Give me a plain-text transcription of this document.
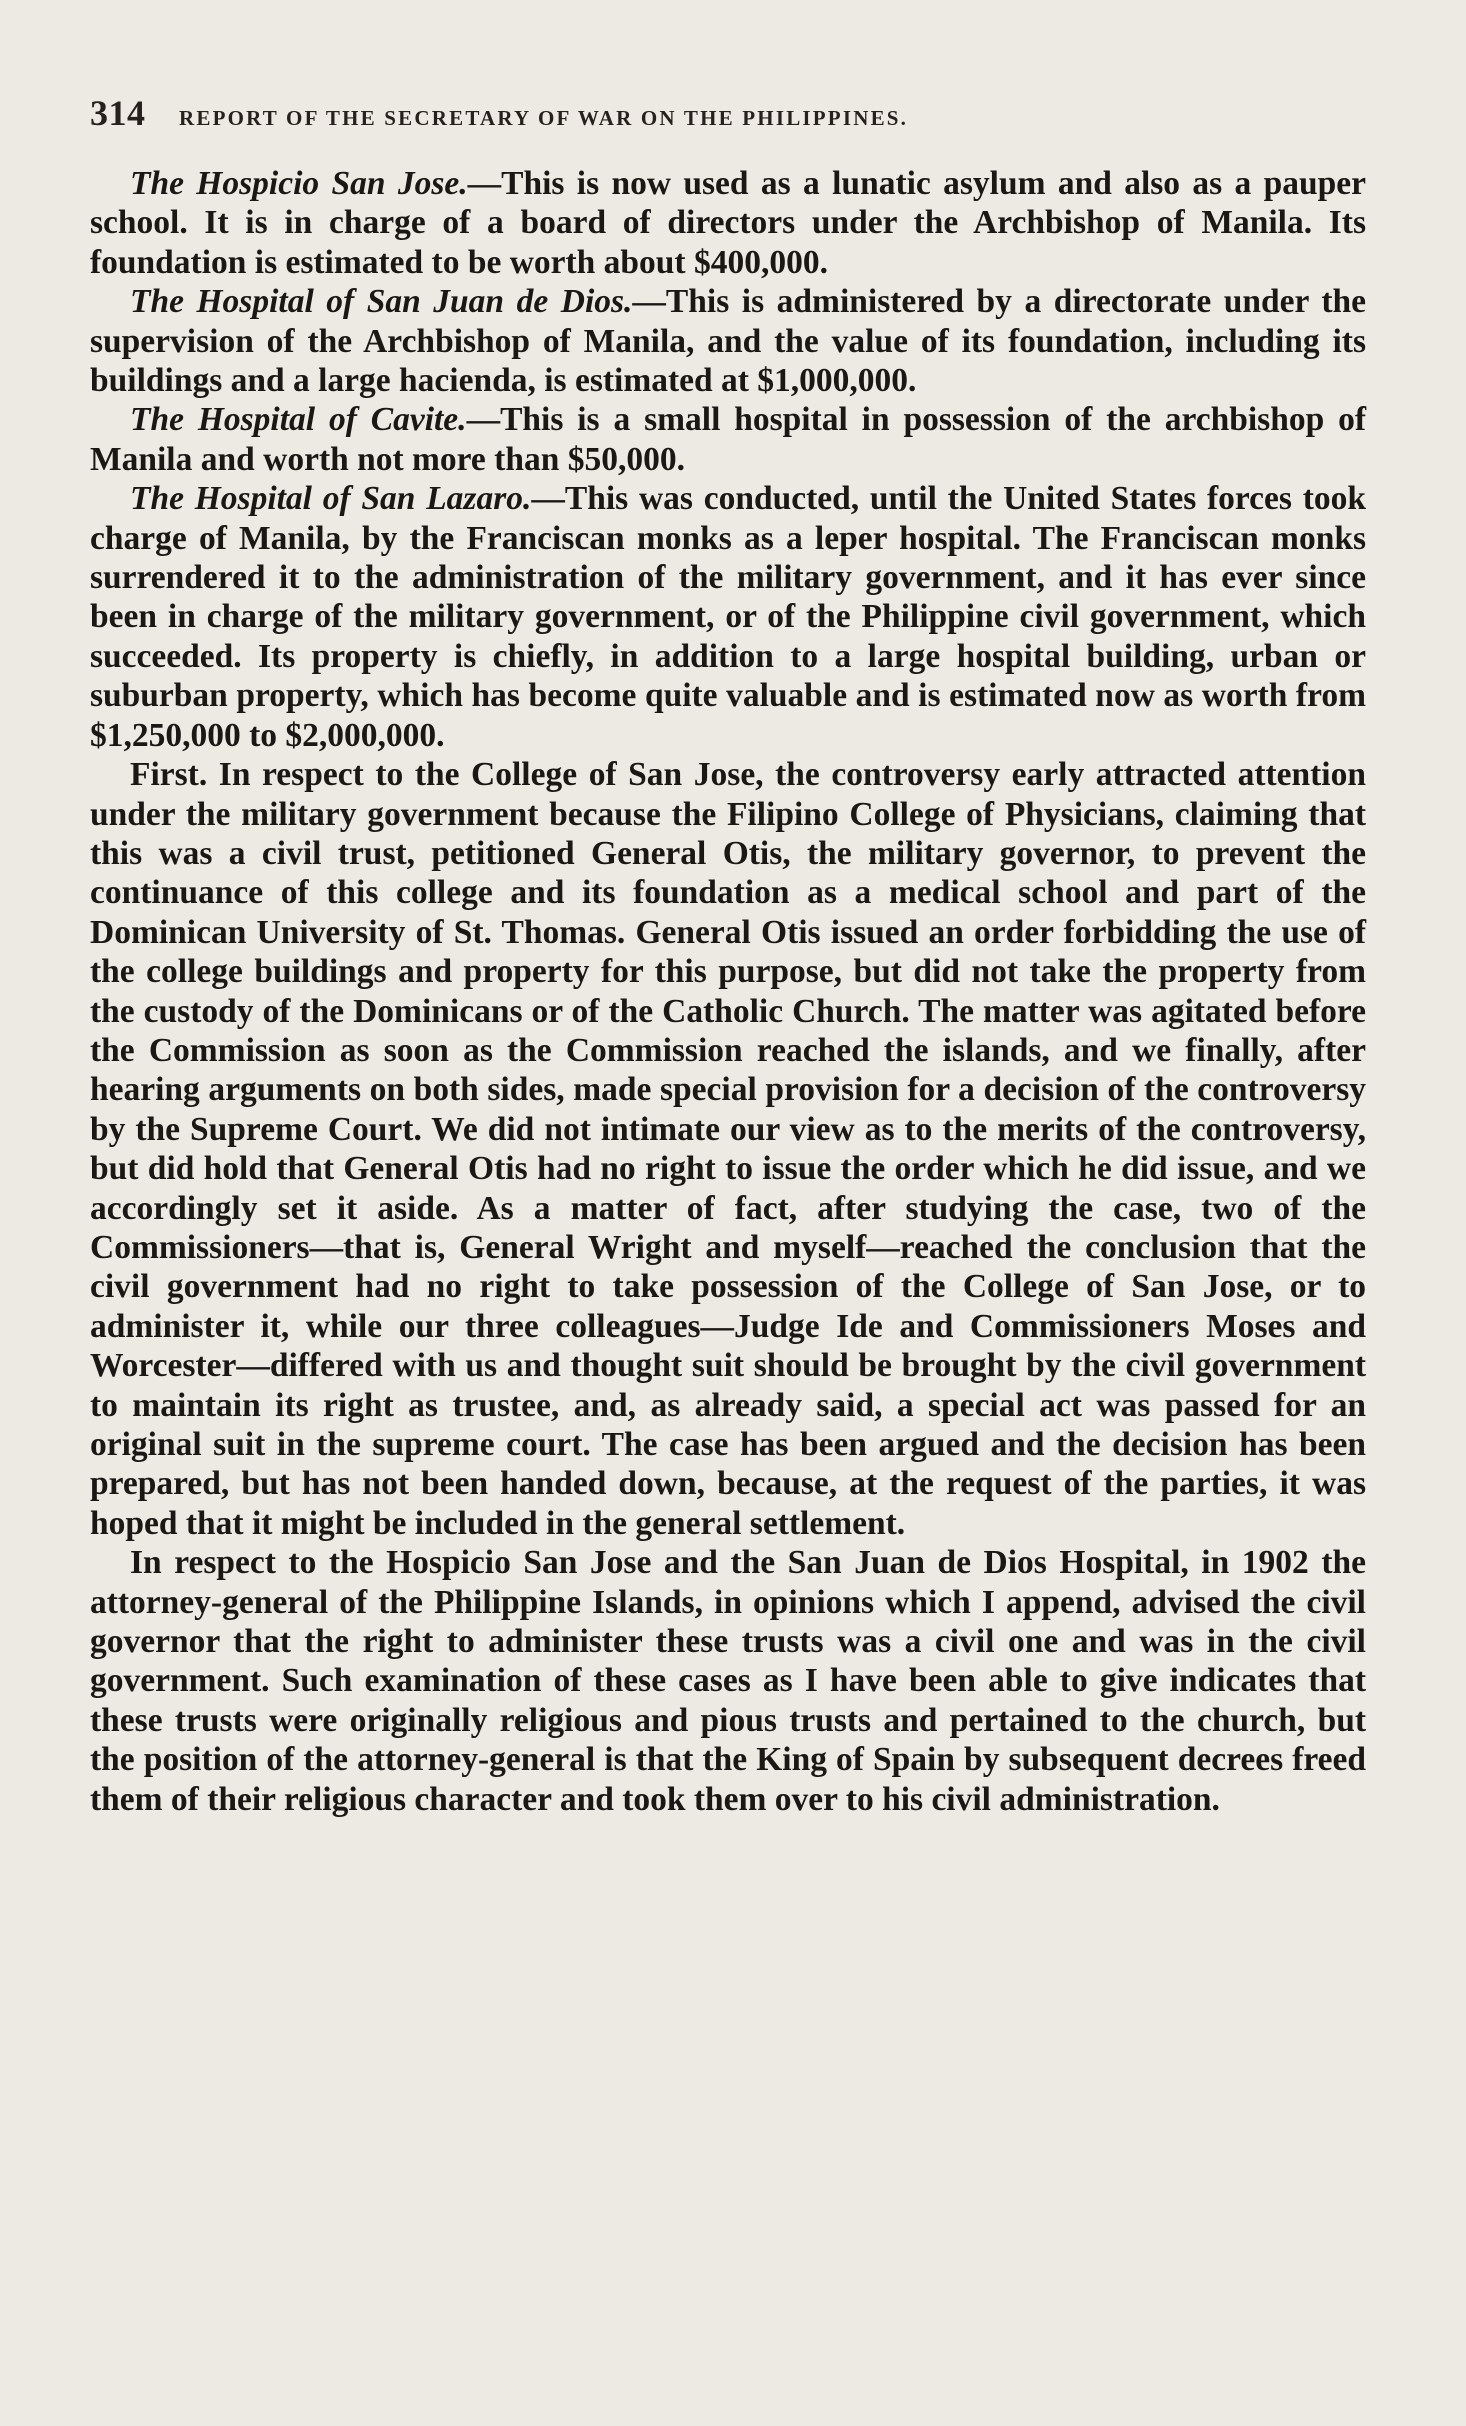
314 REPORT OF THE SECRETARY OF WAR ON THE PHILIPPINES.

The Hospicio San Jose.—This is now used as a lunatic asylum and also as a pauper school. It is in charge of a board of directors under the Archbishop of Manila. Its foundation is estimated to be worth about $400,000.

The Hospital of San Juan de Dios.—This is administered by a directorate under the supervision of the Archbishop of Manila, and the value of its foundation, including its buildings and a large hacienda, is estimated at $1,000,000.

The Hospital of Cavite.—This is a small hospital in possession of the archbishop of Manila and worth not more than $50,000.

The Hospital of San Lazaro.—This was conducted, until the United States forces took charge of Manila, by the Franciscan monks as a leper hospital. The Franciscan monks surrendered it to the administration of the military government, and it has ever since been in charge of the military government, or of the Philippine civil government, which succeeded. Its property is chiefly, in addition to a large hospital building, urban or suburban property, which has become quite valuable and is estimated now as worth from $1,250,000 to $2,000,000.

First. In respect to the College of San Jose, the controversy early attracted attention under the military government because the Filipino College of Physicians, claiming that this was a civil trust, petitioned General Otis, the military governor, to prevent the continuance of this college and its foundation as a medical school and part of the Dominican University of St. Thomas. General Otis issued an order forbidding the use of the college buildings and property for this purpose, but did not take the property from the custody of the Dominicans or of the Catholic Church. The matter was agitated before the Commission as soon as the Commission reached the islands, and we finally, after hearing arguments on both sides, made special provision for a decision of the controversy by the Supreme Court. We did not intimate our view as to the merits of the controversy, but did hold that General Otis had no right to issue the order which he did issue, and we accordingly set it aside. As a matter of fact, after studying the case, two of the Commissioners—that is, General Wright and myself—reached the conclusion that the civil government had no right to take possession of the College of San Jose, or to administer it, while our three colleagues—Judge Ide and Commissioners Moses and Worcester—differed with us and thought suit should be brought by the civil government to maintain its right as trustee, and, as already said, a special act was passed for an original suit in the supreme court. The case has been argued and the decision has been prepared, but has not been handed down, because, at the request of the parties, it was hoped that it might be included in the general settlement.

In respect to the Hospicio San Jose and the San Juan de Dios Hospital, in 1902 the attorney-general of the Philippine Islands, in opinions which I append, advised the civil governor that the right to administer these trusts was a civil one and was in the civil government. Such examination of these cases as I have been able to give indicates that these trusts were originally religious and pious trusts and pertained to the church, but the position of the attorney-general is that the King of Spain by subsequent decrees freed them of their religious character and took them over to his civil administration.
